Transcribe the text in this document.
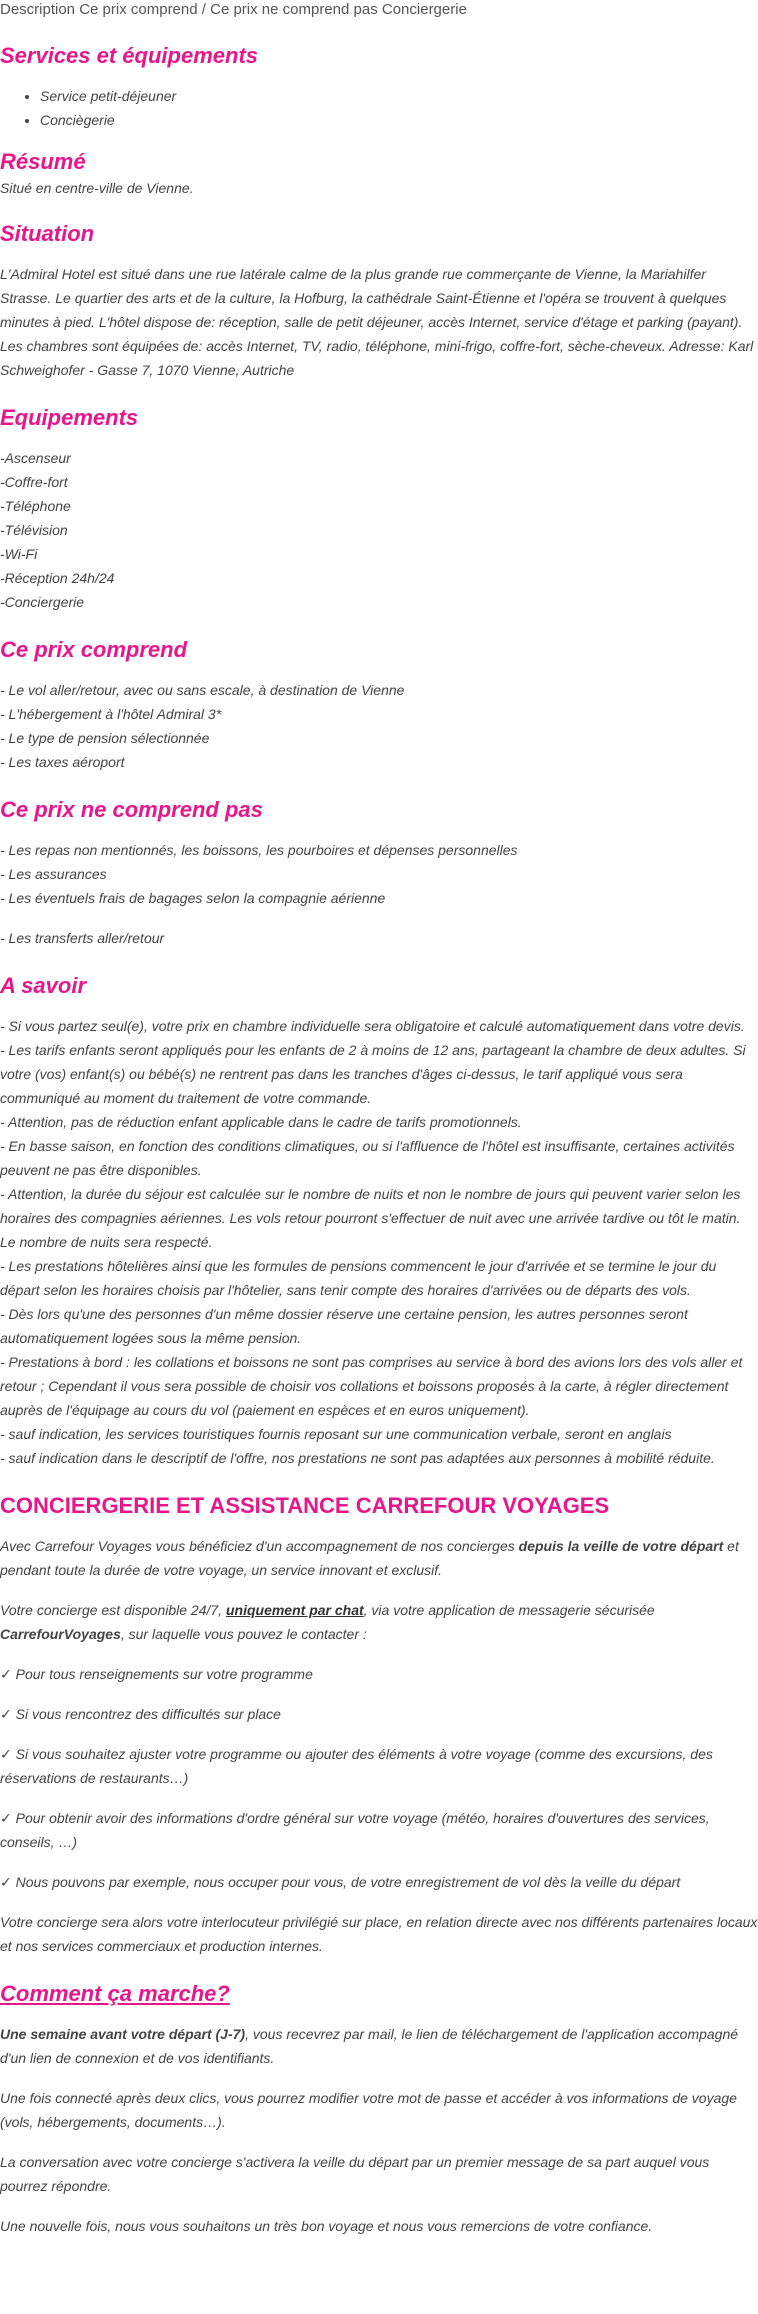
Description Ce prix comprend / Ce prix ne comprend pas Conciergerie
Services et équipements
• Service petit-déjeuner
• Conciègerie
Résumé

Situé en centre-ville de Vienne.

Situation

L'Admiral Hotel est situé dans une rue latérale calme de la plus grande rue commerçante de Vienne, la Mariahilfer Strasse. Le quartier des arts et de la culture, la Hofburg, la cathédrale Saint-Étienne et l'opéra se trouvent à quelques minutes à pied. L'hôtel dispose de: réception, salle de petit déjeuner, accès Internet, service d'étage et parking (payant). Les chambres sont équipées de: accès Internet, TV, radio, téléphone, mini-frigo, coffre-fort, sèche-cheveux. Adresse: Karl Schweighofer - Gasse 7, 1070 Vienne, Autriche

Equipements
-Ascenseur
-Coffre-fort
-Téléphone
-Télévision
-Wi-Fi
-Réception 24h/24
-Conciergerie
Ce prix comprend
- Le vol aller/retour, avec ou sans escale, à destination de Vienne
- L'hébergement à l'hôtel Admiral 3*
- Le type de pension sélectionnée
- Les taxes aéroport
Ce prix ne comprend pas
- Les repas non mentionnés, les boissons, les pourboires et dépenses personnelles
- Les assurances
- Les éventuels frais de bagages selon la compagnie aérienne
- Les transferts aller/retour
A savoir
- Si vous partez seul(e), votre prix en chambre individuelle sera obligatoire et calculé automatiquement dans votre devis.
- Les tarifs enfants seront appliqués pour les enfants de 2 à moins de 12 ans, partageant la chambre de deux adultes. Si votre (vos) enfant(s) ou bébé(s) ne rentrent pas dans les tranches d'âges ci-dessus, le tarif appliqué vous sera communiqué au moment du traitement de votre commande.
- Attention, pas de réduction enfant applicable dans le cadre de tarifs promotionnels.
- En basse saison, en fonction des conditions climatiques, ou si l'affluence de l'hôtel est insuffisante, certaines activités peuvent ne pas être disponibles.
- Attention, la durée du séjour est calculée sur le nombre de nuits et non le nombre de jours qui peuvent varier selon les horaires des compagnies aériennes. Les vols retour pourront s'effectuer de nuit avec une arrivée tardive ou tôt le matin. Le nombre de nuits sera respecté.
- Les prestations hôtelières ainsi que les formules de pensions commencent le jour d'arrivée et se termine le jour du départ selon les horaires choisis par l'hôtelier, sans tenir compte des horaires d'arrivées ou de départs des vols.
- Dès lors qu'une des personnes d'un même dossier réserve une certaine pension, les autres personnes seront automatiquement logées sous la même pension.
- Prestations à bord : les collations et boissons ne sont pas comprises au service à bord des avions lors des vols aller et retour ; Cependant il vous sera possible de choisir vos collations et boissons proposés à la carte, à régler directement auprès de l'équipage au cours du vol (paiement en espèces et en euros uniquement).
- sauf indication, les services touristiques fournis reposant sur une communication verbale, seront en anglais
- sauf indication dans le descriptif de l'offre, nos prestations ne sont pas adaptées aux personnes à mobilité réduite.
CONCIERGERIE ET ASSISTANCE CARREFOUR VOYAGES

Avec Carrefour Voyages vous bénéficiez d'un accompagnement de nos concierges depuis la veille de votre départ et pendant toute la durée de votre voyage, un service innovant et exclusif.

Votre concierge est disponible 24/7, uniquement par chat, via votre application de messagerie sécurisée CarrefourVoyages, sur laquelle vous pouvez le contacter :

✓ Pour tous renseignements sur votre programme

✓ Si vous rencontrez des difficultés sur place

✓ Si vous souhaitez ajuster votre programme ou ajouter des éléments à votre voyage (comme des excursions, des réservations de restaurants…)

✓ Pour obtenir avoir des informations d'ordre général sur votre voyage (météo, horaires d'ouvertures des services, conseils, …)

✓ Nous pouvons par exemple, nous occuper pour vous, de votre enregistrement de vol dès la veille du départ

Votre concierge sera alors votre interlocuteur privilégié sur place, en relation directe avec nos différents partenaires locaux et nos services commerciaux et production internes.

Comment ça marche?

Une semaine avant votre départ (J-7), vous recevrez par mail, le lien de téléchargement de l'application accompagné d'un lien de connexion et de vos identifiants.

Une fois connecté après deux clics, vous pourrez modifier votre mot de passe et accéder à vos informations de voyage (vols, hébergements, documents…).

La conversation avec votre concierge s'activera la veille du départ par un premier message de sa part auquel vous pourrez répondre.

Une nouvelle fois, nous vous souhaitons un très bon voyage et nous vous remercions de votre confiance.
